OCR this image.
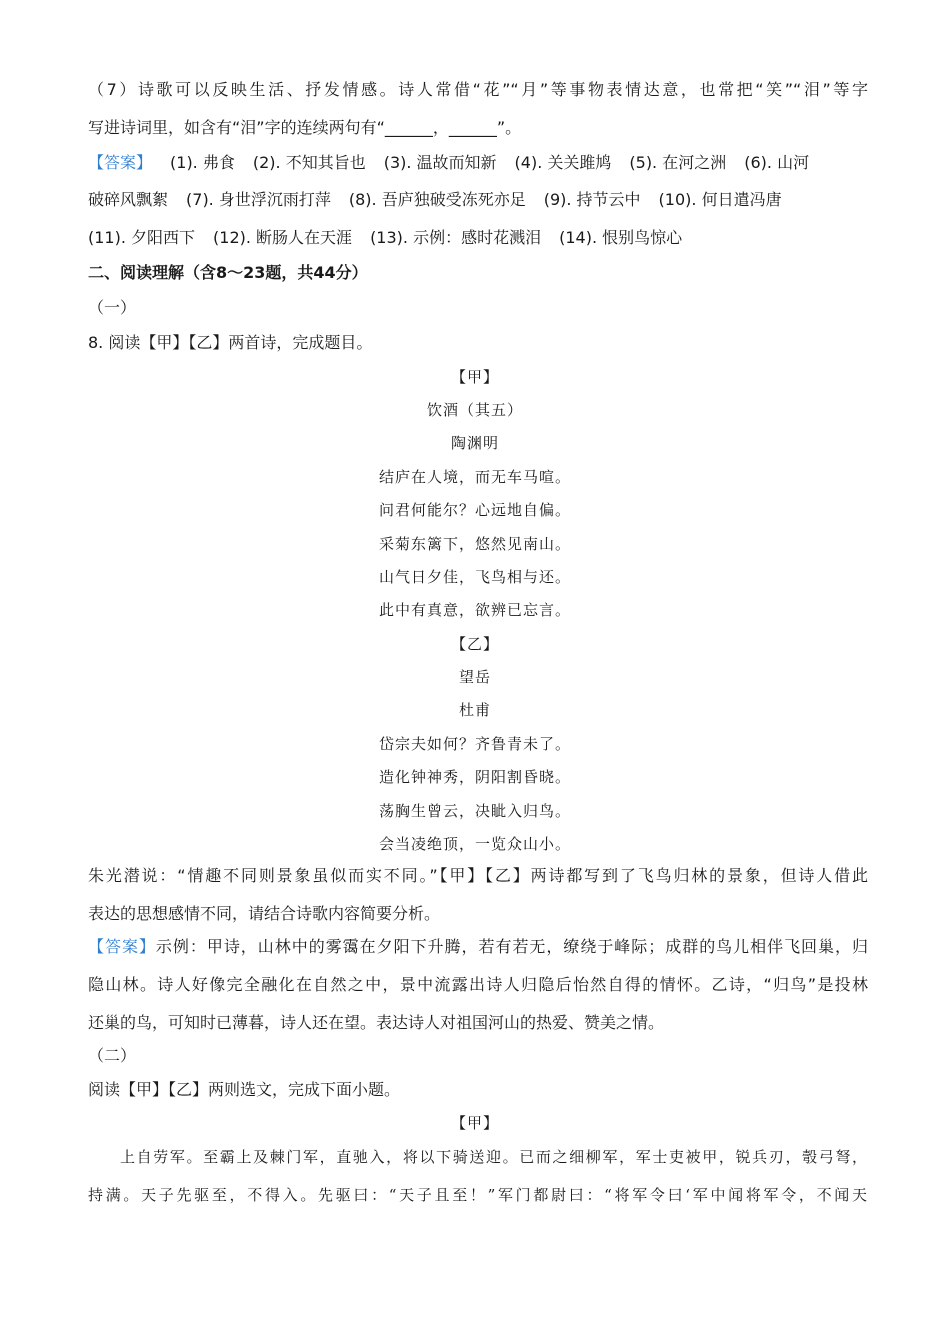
（7）诗歌可以反映生活、抒发情感。诗人常借“花”“月”等事物表情达意，也常把“笑”“泪”等字
写进诗词里，如含有“泪”字的连续两句有“______，______”。
【答案】 (1). 弗食 (2). 不知其旨也 (3). 温故而知新 (4). 关关雎鸠 (5). 在河之洲 (6). 山河
破碎风飘絮 (7). 身世浮沉雨打萍 (8). 吾庐独破受冻死亦足 (9). 持节云中 (10). 何日遣冯唐
(11). 夕阳西下 (12). 断肠人在天涯 (13). 示例：感时花溅泪 (14). 恨别鸟惊心
二、阅读理解（含8～23题，共44分）
（一）
8. 阅读【甲】【乙】两首诗，完成题目。
【甲】
饮酒（其五）
陶渊明
结庐在人境，而无车马喧。
问君何能尔？心远地自偏。
采菊东篱下，悠然见南山。
山气日夕佳，飞鸟相与还。
此中有真意，欲辨已忘言。
【乙】
望岳
杜甫
岱宗夫如何？齐鲁青未了。
造化钟神秀，阴阳割昏晓。
荡胸生曾云，决眦入归鸟。
会当凌绝顶，一览众山小。
朱光潜说：“情趣不同则景象虽似而实不同。”【甲】【乙】两诗都写到了飞鸟归林的景象，但诗人借此
表达的思想感情不同，请结合诗歌内容简要分析。
【答案】示例：甲诗，山林中的雾霭在夕阳下升腾，若有若无，缭绕于峰际；成群的鸟儿相伴飞回巢，归
隐山林。诗人好像完全融化在自然之中，景中流露出诗人归隐后怡然自得的情怀。乙诗，“归鸟”是投林
还巢的鸟，可知时已薄暮，诗人还在望。表达诗人对祖国河山的热爱、赞美之情。
（二）
阅读【甲】【乙】两则选文，完成下面小题。
【甲】
上自劳军。至霸上及棘门军，直驰入，将以下骑送迎。已而之细柳军，军士吏被甲，锐兵刃，彀弓弩，
持满。天子先驱至，不得入。先驱曰：“天子且至！”军门都尉曰：“将军令曰‘军中闻将军令，不闻天
